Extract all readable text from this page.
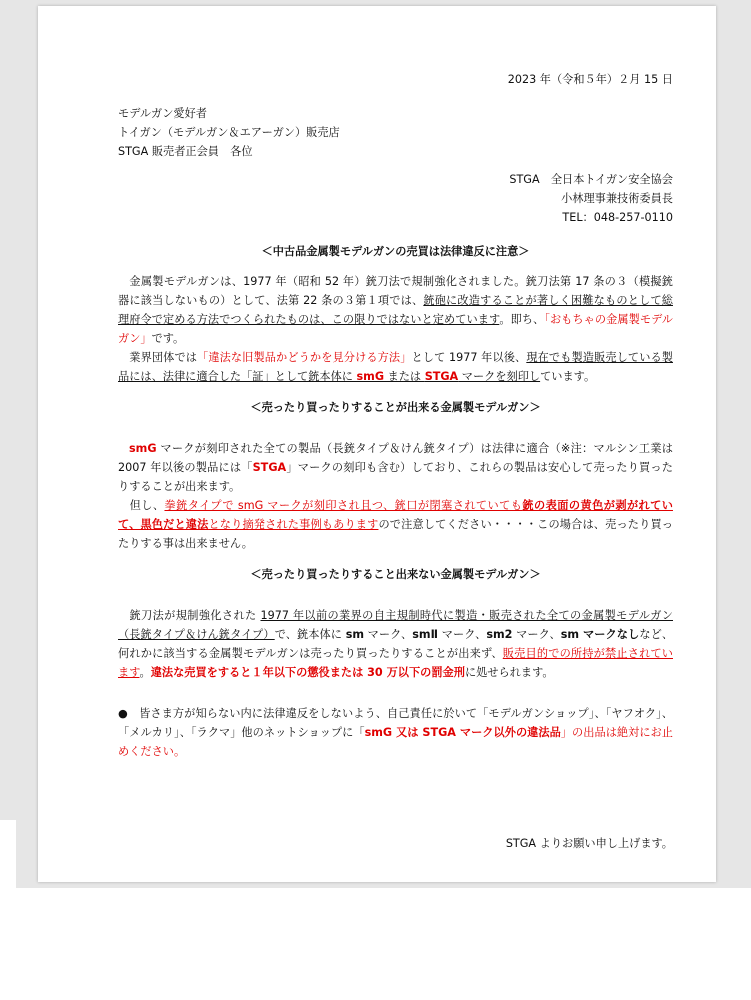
2023 年（令和５年）２月 15 日
モデルガン愛好者
トイガン（モデルガン＆エアーガン）販売店
STGA 販売者正会員　各位
STGA　全日本トイガン安全協会
小林理事兼技術委員長
TEL：048-257-0110
＜中古品金属製モデルガンの売買は法律違反に注意＞

　金属製モデルガンは、1977 年（昭和 52 年）銃刀法で規制強化されました。銃刀法第 17 条の３（模擬銃器に該当しないもの）として、法第 22 条の３第１項では、銃砲に改造することが著しく困難なものとして総理府令で定める方法でつくられたものは、この限りではないと定めています。即ち、「おもちゃの金属製モデルガン」です。

　業界団体では「違法な旧製品かどうかを見分ける方法」として 1977 年以後、現在でも製造販売している製品には、法律に適合した「証」として銃本体に smG または STGA マークを刻印しています。

＜売ったり買ったりすることが出来る金属製モデルガン＞

smG マークが刻印された全ての製品（長銃タイプ＆けん銃タイプ）は法律に適合（※注：マルシン工業は 2007 年以後の製品には「STGA」マークの刻印も含む）しており、これらの製品は安心して売ったり買ったりすることが出来ます。

　但し、拳銃タイプで smG マークが刻印され且つ、銃口が閉塞されていても銃の表面の黄色が剥がれていて、黒色だと違法となり摘発された事例もありますので注意してください・・・・この場合は、売ったり買ったりする事は出来ません。

＜売ったり買ったりすること出来ない金属製モデルガン＞

　銃刀法が規制強化された 1977 年以前の業界の自主規制時代に製造・販売された全ての金属製モデルガン（長銃タイプ＆けん銃タイプ）で、銃本体に sm マーク、smⅡ マーク、sm2 マーク、sm マークなしなど、何れかに該当する金属製モデルガンは売ったり買ったりすることが出来ず、販売目的での所持が禁止されています。違法な売買をすると１年以下の懲役または 30 万以下の罰金刑に処せられます。

●　皆さま方が知らない内に法律違反をしないよう、自己責任に於いて「モデルガンショップ」、「ヤフオク」、「メルカリ」、「ラクマ」他のネットショップに「smG 又は STGA マーク以外の違法品」の出品は絶対にお止めください。

STGA よりお願い申し上げます。
